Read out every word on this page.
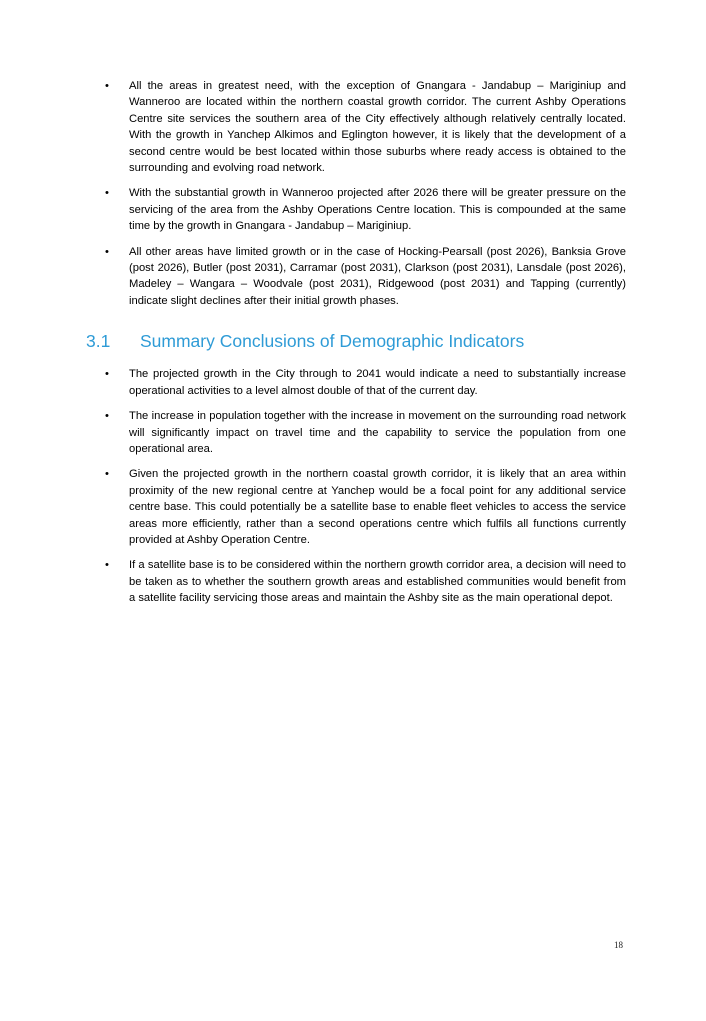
• All the areas in greatest need, with the exception of Gnangara - Jandabup – Mariginiup and Wanneroo are located within the northern coastal growth corridor. The current Ashby Operations Centre site services the southern area of the City effectively although relatively centrally located. With the growth in Yanchep Alkimos and Eglington however, it is likely that the development of a second centre would be best located within those suburbs where ready access is obtained to the surrounding and evolving road network.
• With the substantial growth in Wanneroo projected after 2026 there will be greater pressure on the servicing of the area from the Ashby Operations Centre location. This is compounded at the same time by the growth in Gnangara - Jandabup – Mariginiup.
• All other areas have limited growth or in the case of Hocking-Pearsall (post 2026), Banksia Grove (post 2026), Butler (post 2031), Carramar (post 2031), Clarkson (post 2031), Lansdale (post 2026), Madeley – Wangara – Woodvale (post 2031), Ridgewood (post 2031) and Tapping (currently) indicate slight declines after their initial growth phases.
3.1	Summary Conclusions of Demographic Indicators
• The projected growth in the City through to 2041 would indicate a need to substantially increase operational activities to a level almost double of that of the current day.
• The increase in population together with the increase in movement on the surrounding road network will significantly impact on travel time and the capability to service the population from one operational area.
• Given the projected growth in the northern coastal growth corridor, it is likely that an area within proximity of the new regional centre at Yanchep would be a focal point for any additional service centre base. This could potentially be a satellite base to enable fleet vehicles to access the service areas more efficiently, rather than a second operations centre which fulfils all functions currently provided at Ashby Operation Centre.
• If a satellite base is to be considered within the northern growth corridor area, a decision will need to be taken as to whether the southern growth areas and established communities would benefit from a satellite facility servicing those areas and maintain the Ashby site as the main operational depot.
18
